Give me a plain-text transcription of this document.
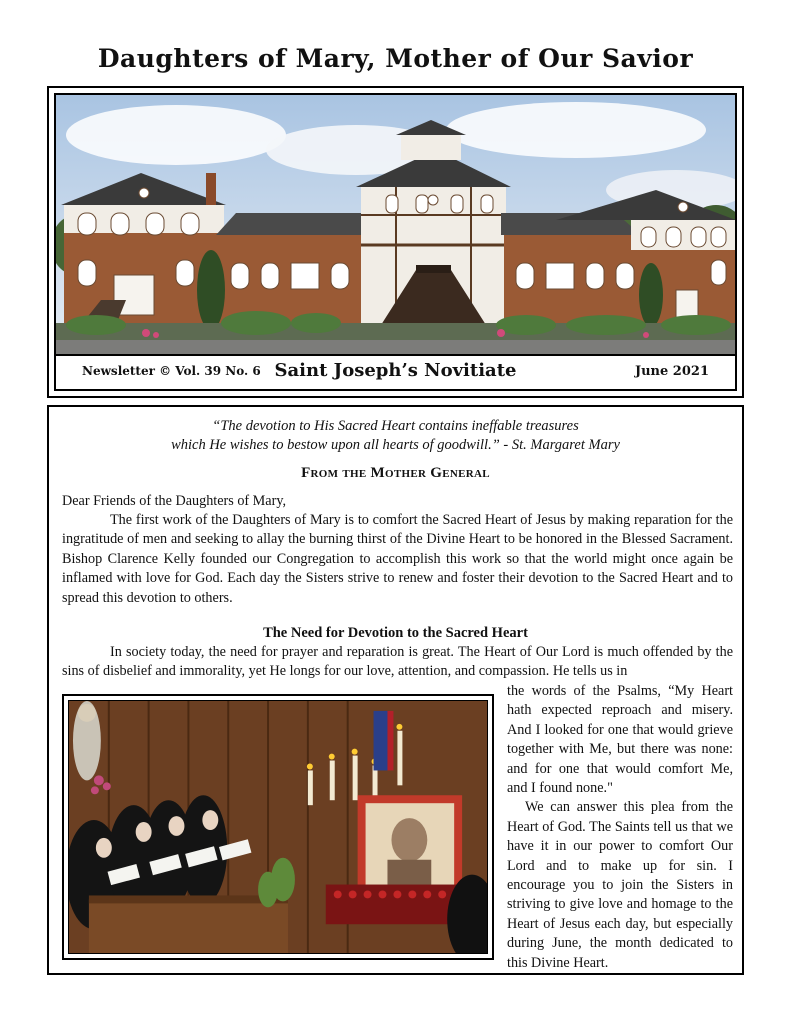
Daughters of Mary, Mother of Our Savior
Newsletter © Vol. 39 No. 6 Saint Joseph’s Novitiate	June 2021
“The devotion to His Sacred Heart contains ineffable treasures
which He wishes to bestow upon all hearts of goodwill.” - St. Margaret Mary
From the Mother General
Dear Friends of the Daughters of Mary,
The first work of the Daughters of Mary is to comfort the Sacred Heart of Jesus by making reparation for the ingratitude of men and seeking to allay the burning thirst of the Divine Heart to be honored in the Blessed Sacrament. Bishop Clarence Kelly founded our Congregation to accomplish this work so that the world might once again be inflamed with love for God. Each day the Sisters strive to renew and foster their devotion to the Sacred Heart and to spread this devotion to others.
The Need for Devotion to the Sacred Heart
In society today, the need for prayer and reparation is great. The Heart of Our Lord is much offended by the sins of disbelief and immorality, yet He longs for our love, attention, and compassion. He tells us in

the words of the Psalms, “My Heart hath expected reproach and misery. And I looked for one that would grieve together with Me, but there was none: and for one that would comfort Me, and I found none."

We can answer this plea from the Heart of God. The Saints tell us that we have it in our power to comfort Our Lord and to make up for sin. I encourage you to join the Sisters in striving to give love and homage to the Heart of Jesus each day, but especially during June, the month dedicated to this Divine Heart.
